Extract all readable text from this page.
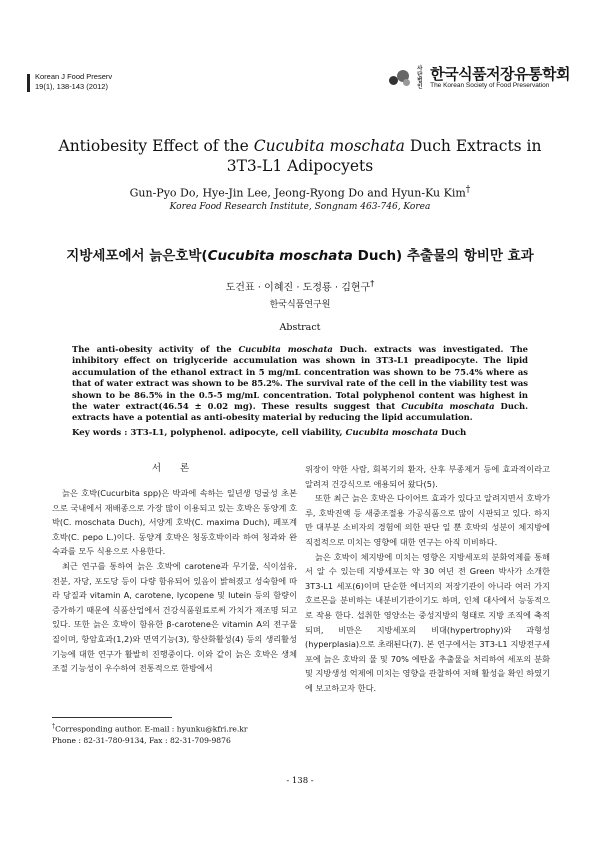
Korean J Food Preserv
19(1), 138-143 (2012)
사단법인
한국식품저장유통학회
The Korean Society of Food Preservation
Antiobesity Effect of the Cucubita moschata Duch Extracts in 3T3-L1 Adipocyets
Gun-Pyo Do, Hye-Jin Lee, Jeong-Ryong Do and Hyun-Ku Kim†
Korea Food Research Institute, Songnam 463-746, Korea
지방세포에서 늙은호박(Cucubita moschata Duch) 추출물의 항비만 효과
도건표 · 이혜진 · 도정룡 · 김현구†
한국식품연구원
Abstract
The anti-obesity activity of the Cucubita moschata Duch. extracts was investigated. The inhibitory effect on triglyceride accumulation was shown in 3T3-L1 preadipocyte. The lipid accumulation of the ethanol extract in 5 mg/mL concentration was shown to be 75.4% where as that of water extract was shown to be 85.2%. The survival rate of the cell in the viability test was shown to be 86.5% in the 0.5-5 mg/mL concentration. Total polyphenol content was highest in the water extract(46.54 ± 0.02 mg). These results suggest that Cucubita moschata Duch. extracts have a potential as anti-obesity material by reducing the lipid accumulation.
Key words : 3T3-L1, polyphenol. adipocyte, cell viability, Cucubita moschata Duch
서 론

늙은 호박(Cucurbita spp)은 박과에 속하는 일년생 덩굴성 초본으로 국내에서 재배종으로 가장 많이 이용되고 있는 호박은 동양계 호박(C. moschata Duch), 서양계 호박(C. maxima Duch), 페포계 호박(C. pepo L.)이다. 동양계 호박은 청동호박이라 하여 청과와 완숙과를 모두 식용으로 사용한다.

최근 연구를 통하여 늙은 호박에 carotene과 무기물, 식이섬유, 전분, 자당, 포도당 등이 다량 함유되어 있음이 밝혀졌고 성숙함에 따라 당질과 vitamin A, carotene, lycopene 및 lutein 등의 함량이 증가하기 때문에 식품산업에서 건강식품원료로써 가치가 재조명 되고 있다. 또한 늙은 호박이 함유한 β-carotene은 vitamin A의 전구물질이며, 항암효과(1,2)와 면역기능(3), 항산화활성(4) 등의 생리활성기능에 대한 연구가 활발히 진행중이다. 이와 같이 늙은 호박은 생체조절 기능성이 우수하여 전통적으로 한방에서

위장이 약한 사람, 회복기의 환자, 산후 부종제거 등에 효과적이라고 알려져 건강식으로 애용되어 왔다(5).

또한 최근 늙은 호박은 다이어트 효과가 있다고 알려지면서 호박가루, 호박진액 등 새중조절용 가공식품으로 많이 시판되고 있다. 하지만 대부분 소비자의 경험에 의한 판단 일 뿐 호박의 성분이 체지방에 직접적으로 미치는 영향에 대한 연구는 아직 미비하다.

늙은 호박이 체지방에 미치는 영향은 지방세포의 분화억제를 통해서 알 수 있는데 지방세포는 약 30 여년 전 Green 박사가 소개한 3T3-L1 세포(6)이며 단순한 에너지의 저장기관이 아니라 여러 가지 호르몬을 분비하는 내분비기관이기도 하며, 인체 대사에서 능동적으로 작용 한다. 섭취한 영양소는 중성지방의 형태로 지방 조직에 축적되며, 비만은 지방세포의 비대(hypertrophy)와 과형성(hyperplasia)으로 초래된다(7). 본 연구에서는 3T3-L1 지방전구세포에 늙은 호박의 물 및 70% 에탄올 추출물을 처리하여 세포의 분화 및 지방생성 억제에 미치는 영향을 관찰하여 저해 활성을 확인 하였기에 보고하고자 한다.

†Corresponding author. E-mail : hyunku@kfri.re.kr
Phone : 82-31-780-9134, Fax : 82-31-709-9876
- 138 -
